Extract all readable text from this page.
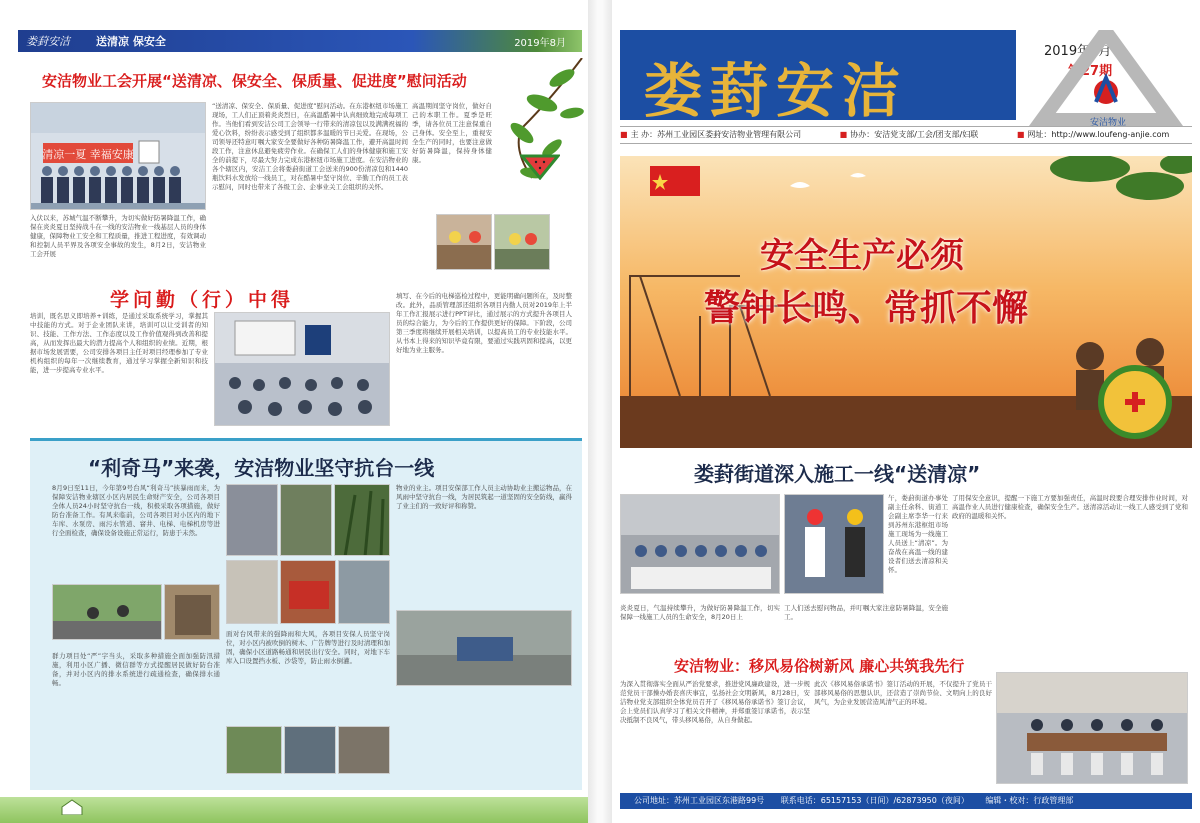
娄葑安洁 送清凉 保安全	2019年8月
安洁物业工会开展“送清凉、保安全、保质量、促进度”慰问活动
清凉一夏 幸福安康
入伏以来，苏城气温不断攀升，为切实做好防暑降温工作，确保在炎炎夏日坚持战斗在一线的安洁物业一线基层人员的身体健康，保障物业工安全和工程质量，推进工程进度，有效调动和控制人员平界及各项安全事故的发生，8月2日，安洁物业工会开展
“送清凉、保安全、保质量、促进度”慰问活动。在东港枢纽市场施工现场，工人们正顶着炎炎烈日，在高温酷暑中认真细致地完成每项工作。当他们看到安洁公司工会领导一行带来的清凉包以及满满祝福的爱心饮料，纷纷表示感受到了组织都多温暖的节日关爱。在现场，公司领导还特意叮嘱大家安全要做好各种防暑降温工作，避开高温时间段工作，注意休息避免疲劳作业。在确保工人们的身体健康和施工安全的前提下，尽最大努力完成东港枢纽市场施工进度。在安洁物业的各个辖区内，安洁工会将娄葑街道工会送来的900份清凉包和1440瓶饮料水发放给一线员工，对在酷暑中坚守岗位、辛勤工作的员工表示慰问，同时也带来了各级工会、企事业关工会组织的关怀。
高温期间坚守岗位，做好自己的本职工作。夏季是旺季，请各位员工注意保重自己身体。安全至上，重视安全生产的同时，也要注意做好防暑降温，保持身体健康。
学问勤（行）中得
培训，既名思义即培养+训练，是通过采取系统学习，掌握其中技能的方式。对于企业团队来讲，培训可以让受训者的知识、技能、工作方法、工作态度以及工作价值观得到改善和提高，从而发挥出最大的潜力提高个人和组织的业绩。近期，根据市场发展需要，公司安排各项目主任对项目经理参加了专业机构组织的每年一次继续教育，通过学习掌握全新知识和技能，进一步提高专业水平。
填写、在今后的电梯巡检过程中，更能明确问题所在，及时整改。此外，品质管理部还组织各项目内勤人员对2019年上半年工作汇报展示进行PPT评比，通过展示的方式提升各项目人员的综合能力，为今后的工作提供更好的保障。下阶段，公司第三季度将继续开展相关培训，以提高员工的专业技能水平。从书本上得来的知识毕竟有限，要通过实践巩固和提高，以更好地为业主服务。
“利奇马”来袭，安洁物业坚守抗台一线
8月9日至11日，今年第9号台风“利奇马”挟暴雨而来，为保障安洁物业辖区小区内居民生命财产安全，公司各项目全体人员24小时坚守抗台一线，积极采取各项措施，做好防台准备工作。有风来临前，公司各项目对小区内的地下车库、水泵房、雨污水管道、窨井、电梯、电梯机房等进行全面检查，确保设备设施正常运行，防患于未然。
群力项目处“严”字当头，采取多种措施全面加强防汛措施，利用小区广播、微信群等方式提醒居民做好防台准备，并对小区内的排水系统进行疏通检查，确保排水通畅。
面对台风带来的强降雨和大风，各项目安保人员坚守岗位，对小区内被吹倒的树木、广告牌等进行及时清理和加固，确保小区道路畅通和居民出行安全。同时，对地下车库入口设置挡水板、沙袋等，防止雨水倒灌。
物业的业主。项目安保部工作人员主动协助业主搬运物品，在风雨中坚守抗台一线，为居民筑起一道坚固的安全防线，赢得了业主们的一致好评和称赞。
娄葑安洁
2019年8月刊
第27期
安洁物业
■ 主 办：苏州工业园区娄葑安洁物业管理有限公司	■ 协办：安洁党支部/工会/团支部/妇联	■ 网址：http://www.loufeng-anjie.com
安全生产必须
警钟长鸣、常抓不懈
娄葑街道深入施工一线“送清凉”
午，娄葑街道办事处副主任余科、街道工会副主席李华一行来到苏州东港枢纽市场施工现场为一线施工人员送上“清凉”。为奋战在高温一线的建设者们送去清凉和关怀。
了用保安全意识，提醒一下施工方要加强责任，高温时段要合理安排作业时间，对高温作业人员进行健康检查，确保安全生产。送清凉活动让一线工人感受到了党和政府的温暖和关怀。
炎炎夏日，气温持续攀升，为做好防暑降温工作，切实保障一线施工人员的生命安全，8月20日上
工人们送去慰问物品，并叮嘱大家注意防暑降温，安全施工。
安洁物业：移风易俗树新风 廉心共筑我先行
为深入贯彻落实全面从严治党要求，推进党风廉政建设，进一步规范党员干部操办婚丧喜庆事宜，弘扬社会文明新风，8月28日，安洁物业党支部组织全体党员召开了《移风易俗承诺书》签订会议，会上党员们认真学习了相关文件精神，并郑重签订承诺书，表示坚决抵制不良风气，带头移风易俗，从自身做起。
此次《移风易俗承诺书》签订活动的开展，不仅提升了党员干部移风易俗的思想认识，还营造了崇尚节俭、文明向上的良好风气，为企业发展营造风清气正的环境。
公司地址：苏州工业园区东港路99号 联系电话：65157153（日间）/62873950（夜间） 编辑・校对：行政管理部
